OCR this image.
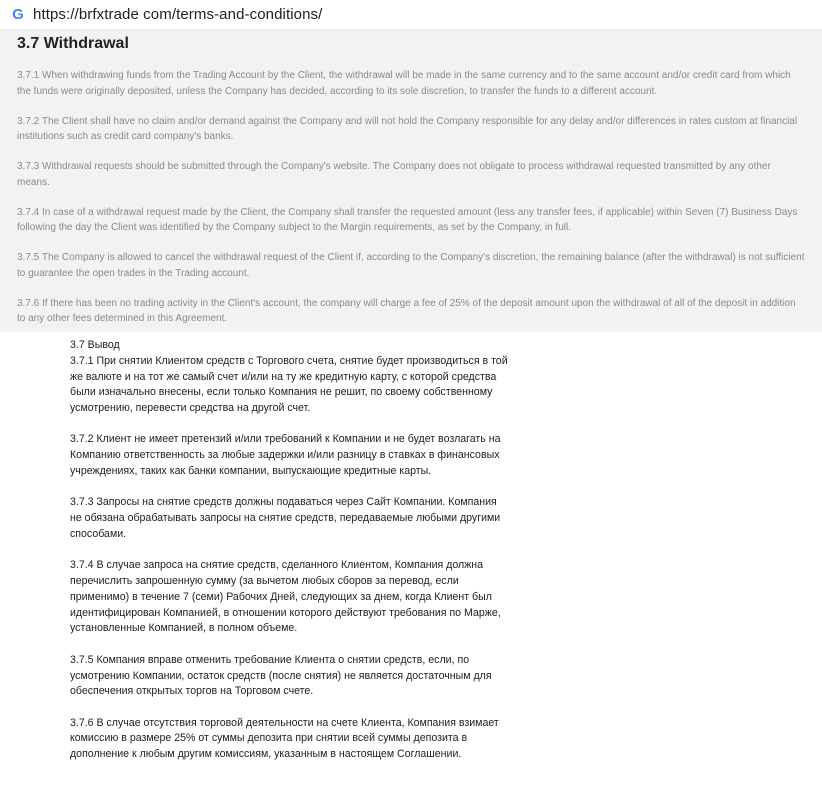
G https://brfxtrade com/terms-and-conditions/
3.7 Withdrawal

3.7.1 When withdrawing funds from the Trading Account by the Client, the withdrawal will be made in the same currency and to the same account and/or credit card from which the funds were originally deposited, unless the Company has decided, according to its sole discretion, to transfer the funds to a different account.

3.7.2 The Client shall have no claim and/or demand against the Company and will not hold the Company responsible for any delay and/or differences in rates custom at financial institutions such as credit card company's banks.

3.7.3 Withdrawal requests should be submitted through the Company's website. The Company does not obligate to process withdrawal requested transmitted by any other means.

3.7.4 In case of a withdrawal request made by the Client, the Company shall transfer the requested amount (less any transfer fees, if applicable) within Seven (7) Business Days following the day the Client was identified by the Company subject to the Margin requirements, as set by the Company, in full.

3.7.5 The Company is allowed to cancel the withdrawal request of the Client if, according to the Company's discretion, the remaining balance (after the withdrawal) is not sufficient to guarantee the open trades in the Trading account.

3.7.6 If there has been no trading activity in the Client's account, the company will charge a fee of 25% of the deposit amount upon the withdrawal of all of the deposit in addition to any other fees determined in this Agreement.

3.7 Вывод

3.7.1 При снятии Клиентом средств с Торгового счета, снятие будет производиться в той же валюте и на тот же самый счет и/или на ту же кредитную карту, с которой средства были изначально внесены, если только Компания не решит, по своему собственному усмотрению, перевести средства на другой счет.

3.7.2 Клиент не имеет претензий и/или требований к Компании и не будет возлагать на Компанию ответственность за любые задержки и/или разницу в ставках в финансовых учреждениях, таких как банки компании, выпускающие кредитные карты.

3.7.3 Запросы на снятие средств должны подаваться через Сайт Компании. Компания не обязана обрабатывать запросы на снятие средств, передаваемые любыми другими способами.

3.7.4 В случае запроса на снятие средств, сделанного Клиентом, Компания должна перечислить запрошенную сумму (за вычетом любых сборов за перевод, если применимо) в течение 7 (семи) Рабочих Дней, следующих за днем, когда Клиент был идентифицирован Компанией, в отношении которого действуют требования по Марже, установленные Компанией, в полном объеме.

3.7.5 Компания вправе отменить требование Клиента о снятии средств, если, по усмотрению Компании, остаток средств (после снятия) не является достаточным для обеспечения открытых торгов на Торговом счете.

3.7.6 В случае отсутствия торговой деятельности на счете Клиента, Компания взимает комиссию в размере 25% от суммы депозита при снятии всей суммы депозита в дополнение к любым другим комиссиям, указанным в настоящем Соглашении.
